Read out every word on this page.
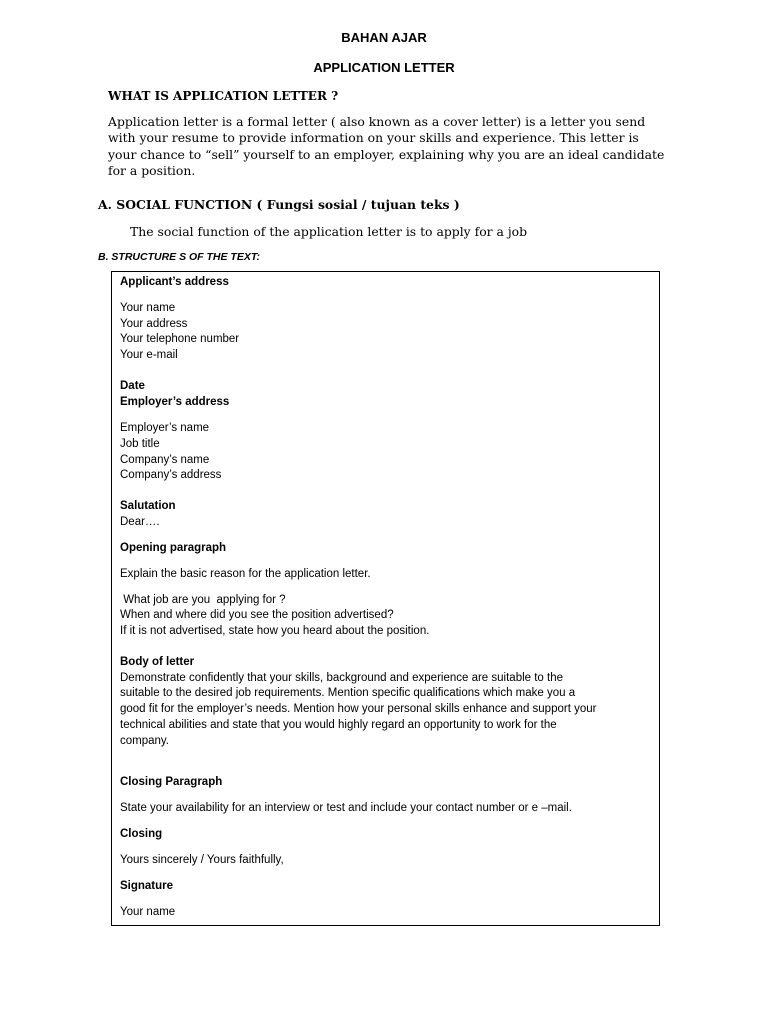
BAHAN AJAR
APPLICATION LETTER
WHAT IS APPLICATION LETTER ?

Application letter is a formal letter ( also known as a cover letter) is a letter you send

with your resume to provide information on your skills and experience. This letter is

your chance to “sell” yourself to an employer, explaining why you are an ideal candidate

for a position.

A. SOCIAL FUNCTION ( Fungsi sosial / tujuan teks )
The social function of the application letter is to apply for a job
B. STRUCTURE S OF THE TEXT:
Applicant’s address
Your name
Your address
Your telephone number
Your e-mail
Date
Employer’s address
Employer’s name
Job title
Company’s name
Company’s address
Salutation
Dear….
Opening paragraph
Explain the basic reason for the application letter.
What job are you  applying for ?
When and where did you see the position advertised?
If it is not advertised, state how you heard about the position.
Body of letter
Demonstrate confidently that your skills, background and experience are suitable to the
suitable to the desired job requirements. Mention specific qualifications which make you a
good fit for the employer’s needs. Mention how your personal skills enhance and support your
technical abilities and state that you would highly regard an opportunity to work for the
company.
Closing Paragraph
State your availability for an interview or test and include your contact number or e –mail.
Closing
Yours sincerely / Yours faithfully,
Signature
Your name
